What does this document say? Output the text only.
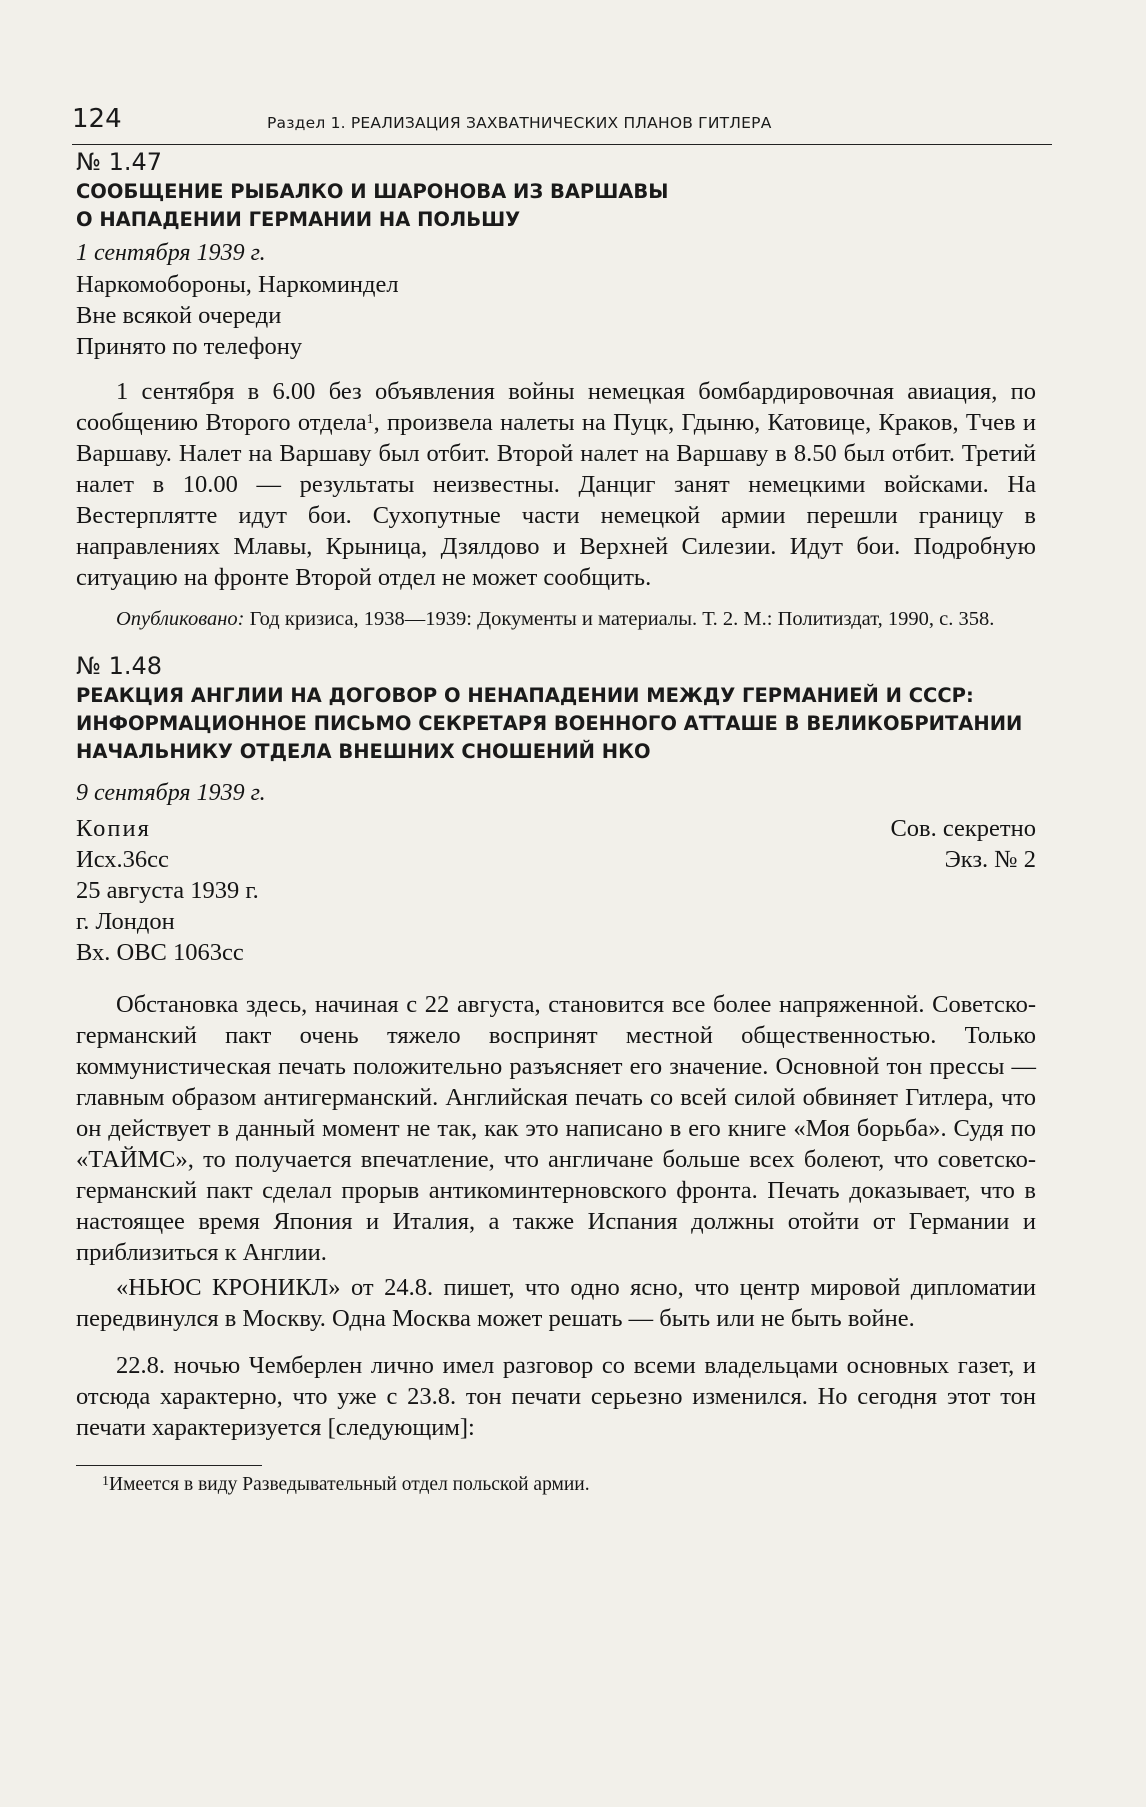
124	Раздел 1. РЕАЛИЗАЦИЯ ЗАХВАТНИЧЕСКИХ ПЛАНОВ ГИТЛЕРА

№ 1.47

СООБЩЕНИЕ РЫБАЛКО И ШАРОНОВА ИЗ ВАРШАВЫ

О НАПАДЕНИИ ГЕРМАНИИ НА ПОЛЬШУ

1 сентября 1939 г.

Наркомобороны, Наркоминдел

Вне всякой очереди

Принято по телефону

1 сентября в 6.00 без объявления войны немецкая бомбардировочная авиация, по сообщению Второго отдела$^1$, произвела налеты на Пуцк, Гдыню, Катовице, Краков, Тчев и Варшаву. Налет на Варшаву был отбит. Второй налет на Варшаву в 8.50 был отбит. Третий налет в 10.00 — результаты неизвестны. Данциг занят немецкими войсками. На Вестерплятте идут бои. Сухопутные части немецкой армии перешли границу в направлениях Млавы, Крыница, Дзялдово и Верхней Силезии. Идут бои. Подробную ситуацию на фронте Второй отдел не может сообщить.

Опубликовано: Год кризиса, 1938—1939: Документы и материалы. Т. 2. М.: Политиздат, 1990, с. 358.

№ 1.48

РЕАКЦИЯ АНГЛИИ НА ДОГОВОР О НЕНАПАДЕНИИ МЕЖДУ ГЕРМАНИЕЙ И СССР:

ИНФОРМАЦИОННОЕ ПИСЬМО СЕКРЕТАРЯ ВОЕННОГО АТТАШЕ В ВЕЛИКОБРИТАНИИ

НАЧАЛЬНИКУ ОТДЕЛА ВНЕШНИХ СНОШЕНИЙ НКО

9 сентября 1939 г.

Копия

Исх.36сс

25 августа 1939 г.

г. Лондон

Вх. ОВС 1063сс

Сов. секретно

Экз. № 2

Обстановка здесь, начиная с 22 августа, становится все более напряженной. Советско-германский пакт очень тяжело воспринят местной общественностью. Только коммунистическая печать положительно разъясняет его значение. Основной тон прессы — главным образом антигерманский. Английская печать со всей силой обвиняет Гитлера, что он действует в данный момент не так, как это написано в его книге «Моя борьба». Судя по «ТАЙМС», то получается впечатление, что англичане больше всех болеют, что советско-германский пакт сделал прорыв антикоминтерновского фронта. Печать доказывает, что в настоящее время Япония и Италия, а также Испания должны отойти от Германии и приблизиться к Англии.

«НЬЮС КРОНИКЛ» от 24.8. пишет, что одно ясно, что центр мировой дипломатии передвинулся в Москву. Одна Москва может решать — быть или не быть войне.

22.8. ночью Чемберлен лично имел разговор со всеми владельцами основных газет, и отсюда характерно, что уже с 23.8. тон печати серьезно изменился. Но сегодня этот тон печати характеризуется [следующим]:

$^1$Имеется в виду Разведывательный отдел польской армии.
